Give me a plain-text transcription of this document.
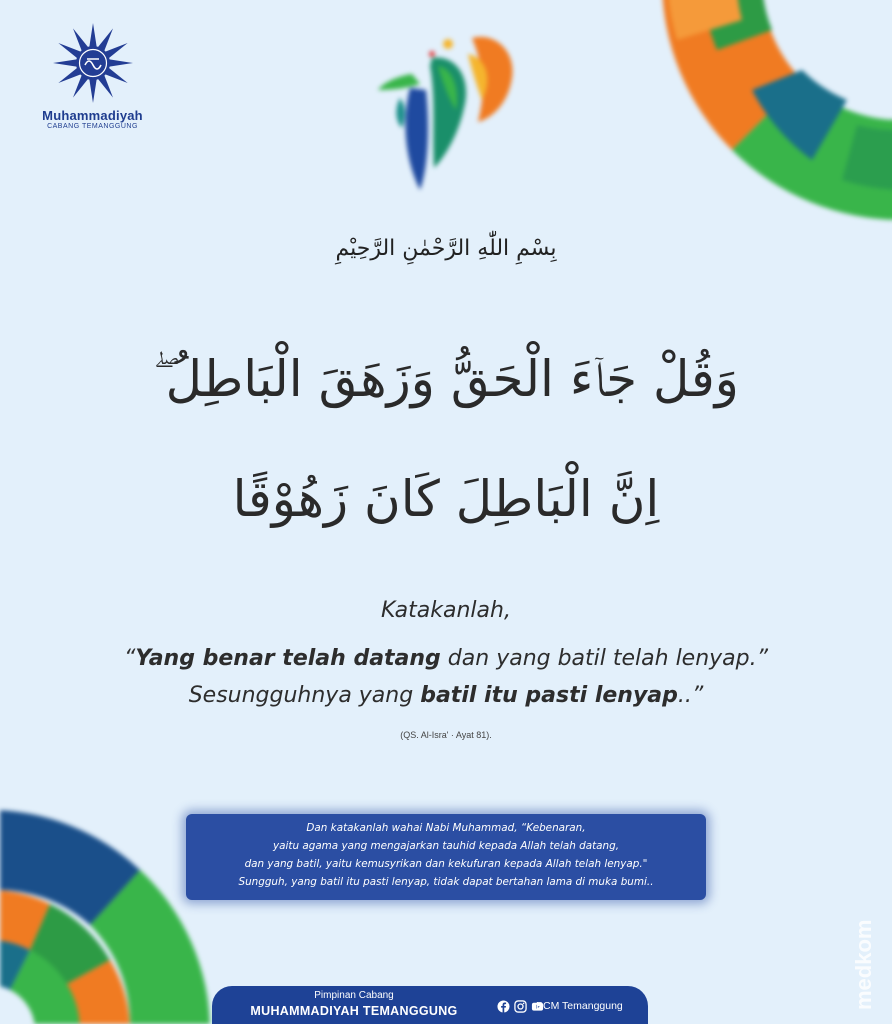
Muhammadiyah
CABANG TEMANGGUNG
بِسْمِ اللّٰهِ الرَّحْمٰنِ الرَّحِيْمِ
وَقُلْ جَاۤءَ الْحَقُّ وَزَهَقَ الْبَاطِلُ ۖ
اِنَّ الْبَاطِلَ كَانَ زَهُوْقًا
Katakanlah,
“Yang benar telah datang dan yang batil telah lenyap.”
Sesungguhnya yang batil itu pasti lenyap..”
(QS. Al-Isra' · Ayat 81).

Dan katakanlah wahai Nabi Muhammad, “Kebenaran,

yaitu agama yang mengajarkan tauhid kepada Allah telah datang,

dan yang batil, yaitu kemusyrikan dan kekufuran kepada Allah telah lenyap."

Sungguh, yang batil itu pasti lenyap, tidak dapat bertahan lama di muka bumi..

Pimpinan Cabang
MUHAMMADIYAH TEMANGGUNG	PCM Temanggung	medkom
